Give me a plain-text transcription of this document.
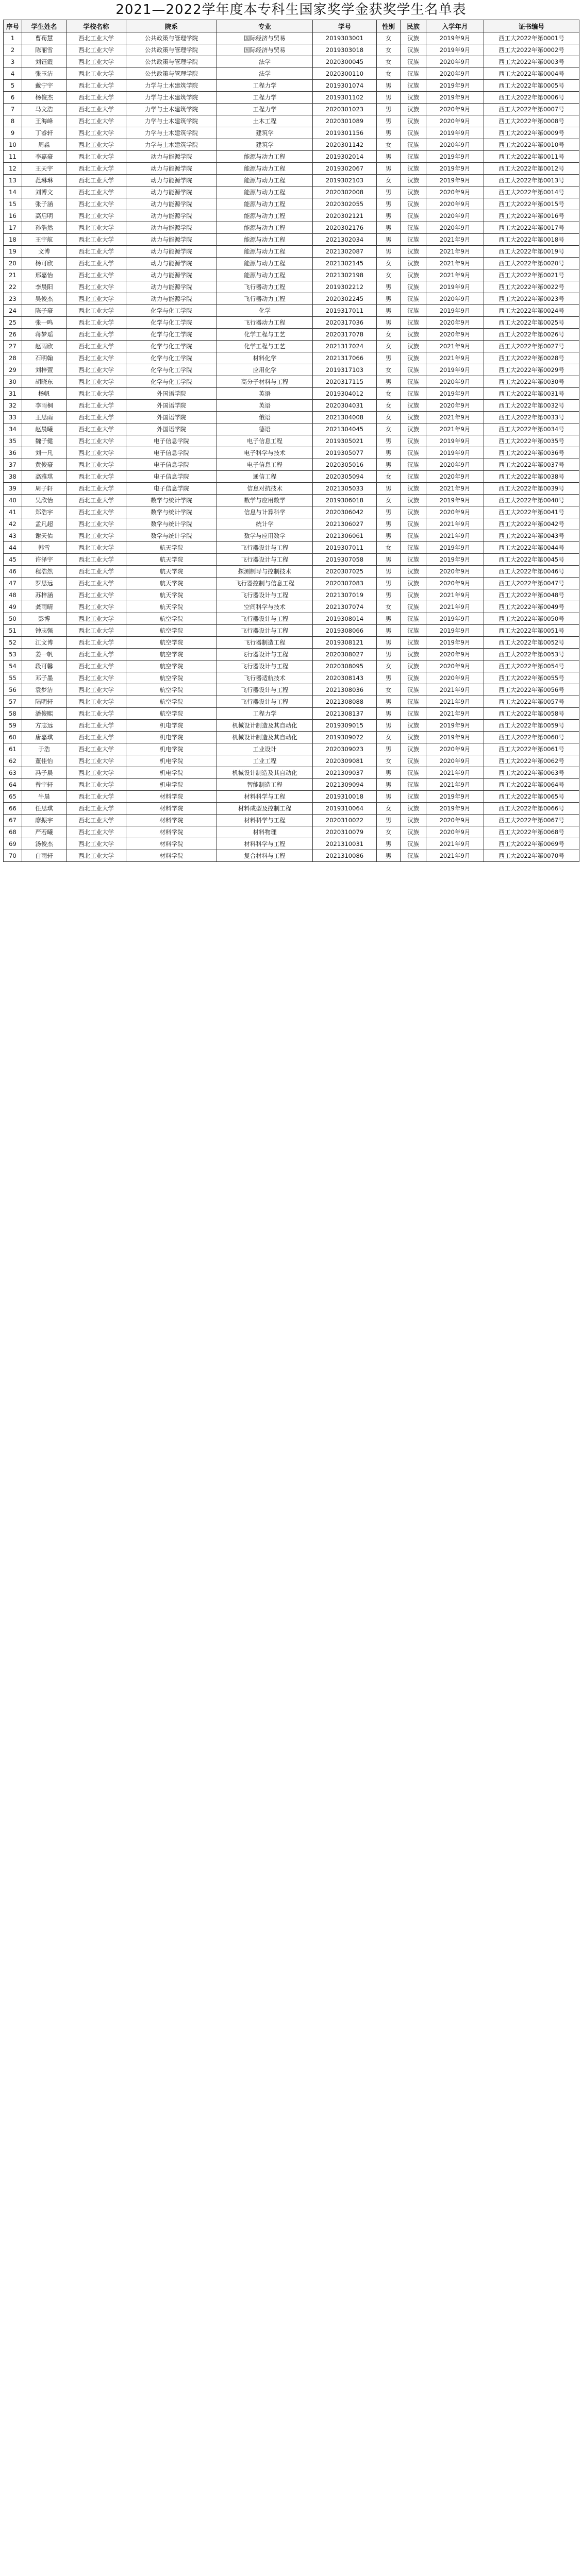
2021—2022学年度本专科生国家奖学金获奖学生名单表
序号	学生姓名	学校名称	院系	专业	学号	性别	民族	入学年月	证书编号
1	曹荀慧	西北工业大学	公共政策与管理学院	国际经济与贸易	2019303001	女	汉族	2019年9月	西工大2022年第0001号
2	陈丽雪	西北工业大学	公共政策与管理学院	国际经济与贸易	2019303018	女	汉族	2019年9月	西工大2022年第0002号
3	刘钰霞	西北工业大学	公共政策与管理学院	法学	2020300045	女	汉族	2020年9月	西工大2022年第0003号
4	张玉洁	西北工业大学	公共政策与管理学院	法学	2020300110	女	汉族	2020年9月	西工大2022年第0004号
5	戴宁宇	西北工业大学	力学与土木建筑学院	工程力学	2019301074	男	汉族	2019年9月	西工大2022年第0005号
6	杨俊杰	西北工业大学	力学与土木建筑学院	工程力学	2019301102	男	汉族	2019年9月	西工大2022年第0006号
7	马文浩	西北工业大学	力学与土木建筑学院	工程力学	2020301023	男	汉族	2020年9月	西工大2022年第0007号
8	王海峰	西北工业大学	力学与土木建筑学院	土木工程	2020301089	男	汉族	2020年9月	西工大2022年第0008号
9	丁睿轩	西北工业大学	力学与土木建筑学院	建筑学	2019301156	男	汉族	2019年9月	西工大2022年第0009号
10	周淼	西北工业大学	力学与土木建筑学院	建筑学	2020301142	女	汉族	2020年9月	西工大2022年第0010号
11	李嘉豪	西北工业大学	动力与能源学院	能源与动力工程	2019302014	男	汉族	2019年9月	西工大2022年第0011号
12	王天宇	西北工业大学	动力与能源学院	能源与动力工程	2019302067	男	汉族	2019年9月	西工大2022年第0012号
13	范琳琳	西北工业大学	动力与能源学院	能源与动力工程	2019302103	女	汉族	2019年9月	西工大2022年第0013号
14	刘博文	西北工业大学	动力与能源学院	能源与动力工程	2020302008	男	汉族	2020年9月	西工大2022年第0014号
15	张子涵	西北工业大学	动力与能源学院	能源与动力工程	2020302055	男	汉族	2020年9月	西工大2022年第0015号
16	高启明	西北工业大学	动力与能源学院	能源与动力工程	2020302121	男	汉族	2020年9月	西工大2022年第0016号
17	孙浩然	西北工业大学	动力与能源学院	能源与动力工程	2020302176	男	汉族	2020年9月	西工大2022年第0017号
18	王宇航	西北工业大学	动力与能源学院	能源与动力工程	2021302034	男	汉族	2021年9月	西工大2022年第0018号
19	文博	西北工业大学	动力与能源学院	能源与动力工程	2021302087	男	汉族	2021年9月	西工大2022年第0019号
20	杨可欣	西北工业大学	动力与能源学院	能源与动力工程	2021302145	女	汉族	2021年9月	西工大2022年第0020号
21	邢嘉怡	西北工业大学	动力与能源学院	能源与动力工程	2021302198	女	汉族	2021年9月	西工大2022年第0021号
22	李晨阳	西北工业大学	动力与能源学院	飞行器动力工程	2019302212	男	汉族	2019年9月	西工大2022年第0022号
23	吴俊杰	西北工业大学	动力与能源学院	飞行器动力工程	2020302245	男	汉族	2020年9月	西工大2022年第0023号
24	陈子豪	西北工业大学	化学与化工学院	化学	2019317011	男	汉族	2019年9月	西工大2022年第0024号
25	张一鸣	西北工业大学	化学与化工学院	飞行器动力工程	2020317036	男	汉族	2020年9月	西工大2022年第0025号
26	蒋梦瑶	西北工业大学	化学与化工学院	化学工程与工艺	2020317078	女	汉族	2020年9月	西工大2022年第0026号
27	赵雨欣	西北工业大学	化学与化工学院	化学工程与工艺	2021317024	女	汉族	2021年9月	西工大2022年第0027号
28	石明翰	西北工业大学	化学与化工学院	材料化学	2021317066	男	汉族	2021年9月	西工大2022年第0028号
29	刘梓萱	西北工业大学	化学与化工学院	应用化学	2019317103	女	汉族	2019年9月	西工大2022年第0029号
30	胡晓东	西北工业大学	化学与化工学院	高分子材料与工程	2020317115	男	汉族	2020年9月	西工大2022年第0030号
31	杨帆	西北工业大学	外国语学院	英语	2019304012	女	汉族	2019年9月	西工大2022年第0031号
32	李雨桐	西北工业大学	外国语学院	英语	2020304031	女	汉族	2020年9月	西工大2022年第0032号
33	王思雨	西北工业大学	外国语学院	俄语	2021304008	女	汉族	2021年9月	西工大2022年第0033号
34	赵晨曦	西北工业大学	外国语学院	德语	2021304045	女	汉族	2021年9月	西工大2022年第0034号
35	魏子健	西北工业大学	电子信息学院	电子信息工程	2019305021	男	汉族	2019年9月	西工大2022年第0035号
36	刘一凡	西北工业大学	电子信息学院	电子科学与技术	2019305077	男	汉族	2019年9月	西工大2022年第0036号
37	黄俊豪	西北工业大学	电子信息学院	电子信息工程	2020305016	男	汉族	2020年9月	西工大2022年第0037号
38	高雅琪	西北工业大学	电子信息学院	通信工程	2020305094	女	汉族	2020年9月	西工大2022年第0038号
39	周子轩	西北工业大学	电子信息学院	信息对抗技术	2021305033	男	汉族	2021年9月	西工大2022年第0039号
40	吴欣怡	西北工业大学	数学与统计学院	数学与应用数学	2019306018	女	汉族	2019年9月	西工大2022年第0040号
41	郑浩宇	西北工业大学	数学与统计学院	信息与计算科学	2020306042	男	汉族	2020年9月	西工大2022年第0041号
42	孟凡超	西北工业大学	数学与统计学院	统计学	2021306027	男	汉族	2021年9月	西工大2022年第0042号
43	谢天佑	西北工业大学	数学与统计学院	数学与应用数学	2021306061	男	汉族	2021年9月	西工大2022年第0043号
44	韩雪	西北工业大学	航天学院	飞行器设计与工程	2019307011	女	汉族	2019年9月	西工大2022年第0044号
45	许泽宇	西北工业大学	航天学院	飞行器设计与工程	2019307058	男	汉族	2019年9月	西工大2022年第0045号
46	程浩然	西北工业大学	航天学院	探测制导与控制技术	2020307025	男	汉族	2020年9月	西工大2022年第0046号
47	罗思远	西北工业大学	航天学院	飞行器控制与信息工程	2020307083	男	汉族	2020年9月	西工大2022年第0047号
48	苏梓涵	西北工业大学	航天学院	飞行器设计与工程	2021307019	男	汉族	2021年9月	西工大2022年第0048号
49	龚雨晴	西北工业大学	航天学院	空间科学与技术	2021307074	女	汉族	2021年9月	西工大2022年第0049号
50	彭博	西北工业大学	航空学院	飞行器设计与工程	2019308014	男	汉族	2019年9月	西工大2022年第0050号
51	钟志强	西北工业大学	航空学院	飞行器设计与工程	2019308066	男	汉族	2019年9月	西工大2022年第0051号
52	江文博	西北工业大学	航空学院	飞行器制造工程	2019308121	男	汉族	2019年9月	西工大2022年第0052号
53	姜一帆	西北工业大学	航空学院	飞行器设计与工程	2020308027	男	汉族	2020年9月	西工大2022年第0053号
54	段可馨	西北工业大学	航空学院	飞行器设计与工程	2020308095	女	汉族	2020年9月	西工大2022年第0054号
55	邓子墨	西北工业大学	航空学院	飞行器适航技术	2020308143	男	汉族	2020年9月	西工大2022年第0055号
56	袁梦洁	西北工业大学	航空学院	飞行器设计与工程	2021308036	女	汉族	2021年9月	西工大2022年第0056号
57	陆明轩	西北工业大学	航空学院	飞行器设计与工程	2021308088	男	汉族	2021年9月	西工大2022年第0057号
58	潘俊熙	西北工业大学	航空学院	工程力学	2021308137	男	汉族	2021年9月	西工大2022年第0058号
59	方志远	西北工业大学	机电学院	机械设计制造及其自动化	2019309015	男	汉族	2019年9月	西工大2022年第0059号
60	唐嘉琪	西北工业大学	机电学院	机械设计制造及其自动化	2019309072	女	汉族	2019年9月	西工大2022年第0060号
61	于浩	西北工业大学	机电学院	工业设计	2020309023	男	汉族	2020年9月	西工大2022年第0061号
62	董佳怡	西北工业大学	机电学院	工业工程	2020309081	女	汉族	2020年9月	西工大2022年第0062号
63	冯子晨	西北工业大学	机电学院	机械设计制造及其自动化	2021309037	男	汉族	2021年9月	西工大2022年第0063号
64	曾宇轩	西北工业大学	机电学院	智能制造工程	2021309094	男	汉族	2021年9月	西工大2022年第0064号
65	牛晨	西北工业大学	材料学院	材料科学与工程	2019310018	男	汉族	2019年9月	西工大2022年第0065号
66	任思琪	西北工业大学	材料学院	材料成型及控制工程	2019310064	女	汉族	2019年9月	西工大2022年第0066号
67	廖振宇	西北工业大学	材料学院	材料科学与工程	2020310022	男	汉族	2020年9月	西工大2022年第0067号
68	严若曦	西北工业大学	材料学院	材料物理	2020310079	女	汉族	2020年9月	西工大2022年第0068号
69	汤俊杰	西北工业大学	材料学院	材料科学与工程	2021310031	男	汉族	2021年9月	西工大2022年第0069号
70	白雨轩	西北工业大学	材料学院	复合材料与工程	2021310086	男	汉族	2021年9月	西工大2022年第0070号
